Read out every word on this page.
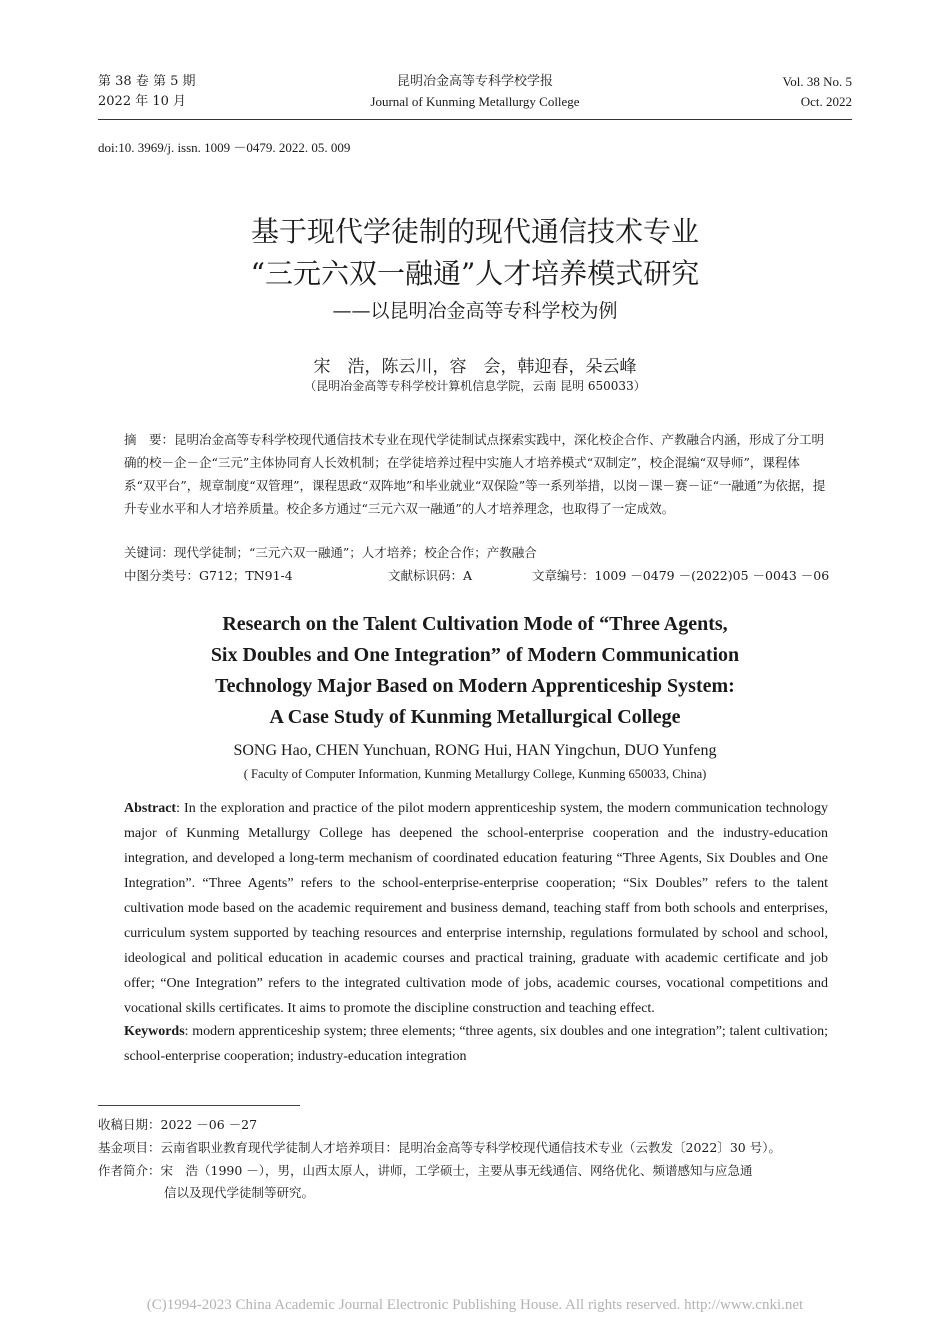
第 38 卷 第 5 期
2022 年 10 月
昆明冶金高等专科学校学报
Journal of Kunming Metallurgy College
Vol. 38 No. 5
Oct. 2022
doi:10. 3969/j. issn. 1009 －0479. 2022. 05. 009
基于现代学徒制的现代通信技术专业
“三元六双一融通”人才培养模式研究
——以昆明冶金高等专科学校为例
宋　浩，陈云川，容　会，韩迎春，朵云峰
（昆明冶金高等专科学校计算机信息学院，云南 昆明 650033）
摘　要：昆明冶金高等专科学校现代通信技术专业在现代学徒制试点探索实践中，深化校企合作、产教融合内涵，形成了分工明确的校－企－企“三元”主体协同育人长效机制；在学徒培养过程中实施人才培养模式“双制定”，校企混编“双导师”，课程体系“双平台”，规章制度“双管理”，课程思政“双阵地”和毕业就业“双保险”等一系列举措，以岗－课－赛－证“一融通”为依据，提升专业水平和人才培养质量。校企多方通过“三元六双一融通”的人才培养理念，也取得了一定成效。
关键词：现代学徒制；“三元六双一融通”；人才培养；校企合作；产教融合
中图分类号：G712；TN91-4	文献标识码：A	文章编号：1009 －0479 －(2022)05 －0043 －06
Research on the Talent Cultivation Mode of “Three Agents,
Six Doubles and One Integration” of Modern Communication
Technology Major Based on Modern Apprenticeship System:
A Case Study of Kunming Metallurgical College
SONG Hao, CHEN Yunchuan, RONG Hui, HAN Yingchun, DUO Yunfeng
( Faculty of Computer Information, Kunming Metallurgy College, Kunming 650033, China)
Abstract: In the exploration and practice of the pilot modern apprenticeship system, the modern communication technology major of Kunming Metallurgy College has deepened the school-enterprise cooperation and the industry-education integration, and developed a long-term mechanism of coordinated education featuring “Three Agents, Six Doubles and One Integration”. “Three Agents” refers to the school-enterprise-enterprise cooperation; “Six Doubles” refers to the talent cultivation mode based on the academic requirement and business demand, teaching staff from both schools and enterprises, curriculum system supported by teaching resources and enterprise internship, regulations formulated by school and school, ideological and political education in academic courses and practical training, graduate with academic certificate and job offer; “One Integration” refers to the integrated cultivation mode of jobs, academic courses, vocational competitions and vocational skills certificates. It aims to promote the discipline construction and teaching effect.
Keywords: modern apprenticeship system; three elements; “three agents, six doubles and one integration”; talent cultivation; school-enterprise cooperation; industry-education integration
收稿日期：2022 －06 －27
基金项目：云南省职业教育现代学徒制人才培养项目：昆明冶金高等专科学校现代通信技术专业（云教发〔2022〕30 号）。
作者简介：宋　浩（1990 －），男，山西太原人，讲师，工学硕士，主要从事无线通信、网络优化、频谱感知与应急通
信以及现代学徒制等研究。
(C)1994-2023 China Academic Journal Electronic Publishing House. All rights reserved. http://www.cnki.net
